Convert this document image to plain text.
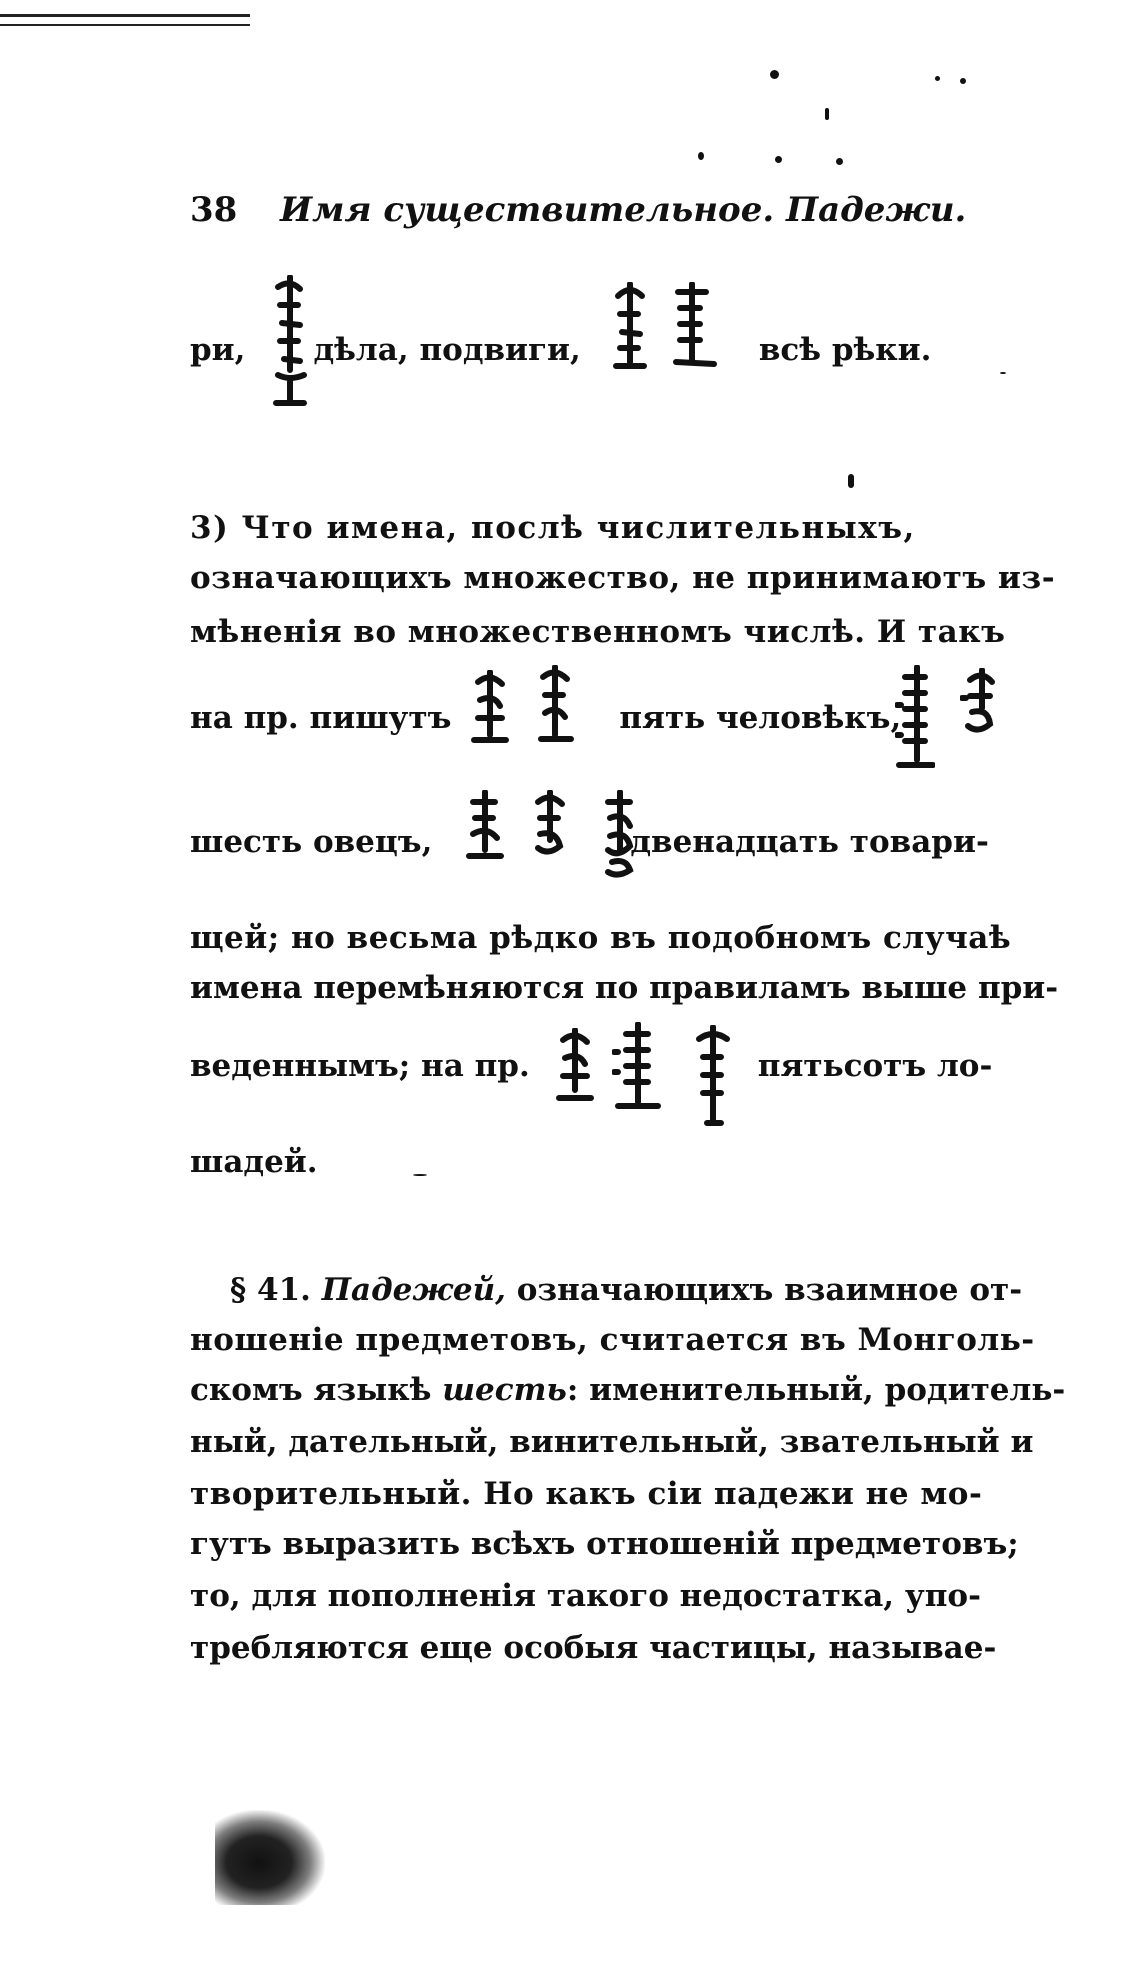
38 Имя существительное. Падежи.
ри, дѣла, подвиги,	всѣ рѣки.
3) Что имена, послѣ числительныхъ,
означающихъ множество, не принимаютъ из-
мѣненія во множественномъ числѣ. И такъ
на пр. пишутъ	пять человѣкъ,
шесть овецъ,	двенадцать товари-
щей; но весьма рѣдко въ подобномъ случаѣ
имена перемѣняются по правиламъ выше при-
веденнымъ; на пр.	пятьсотъ ло-
шадей.
§ 41. Падежей, означающихъ взаимное от-
ношеніе предметовъ, считается въ Монголь-
скомъ языкѣ шесть : именительный, родитель-
ный, дательный, винительный, звательный и
творительный. Но какъ сіи падежи не мо-
гутъ выразить всѣхъ отношеній предметовъ;
то, для пополненія такого недостатка, упо-
требляются еще особыя частицы, называе-
